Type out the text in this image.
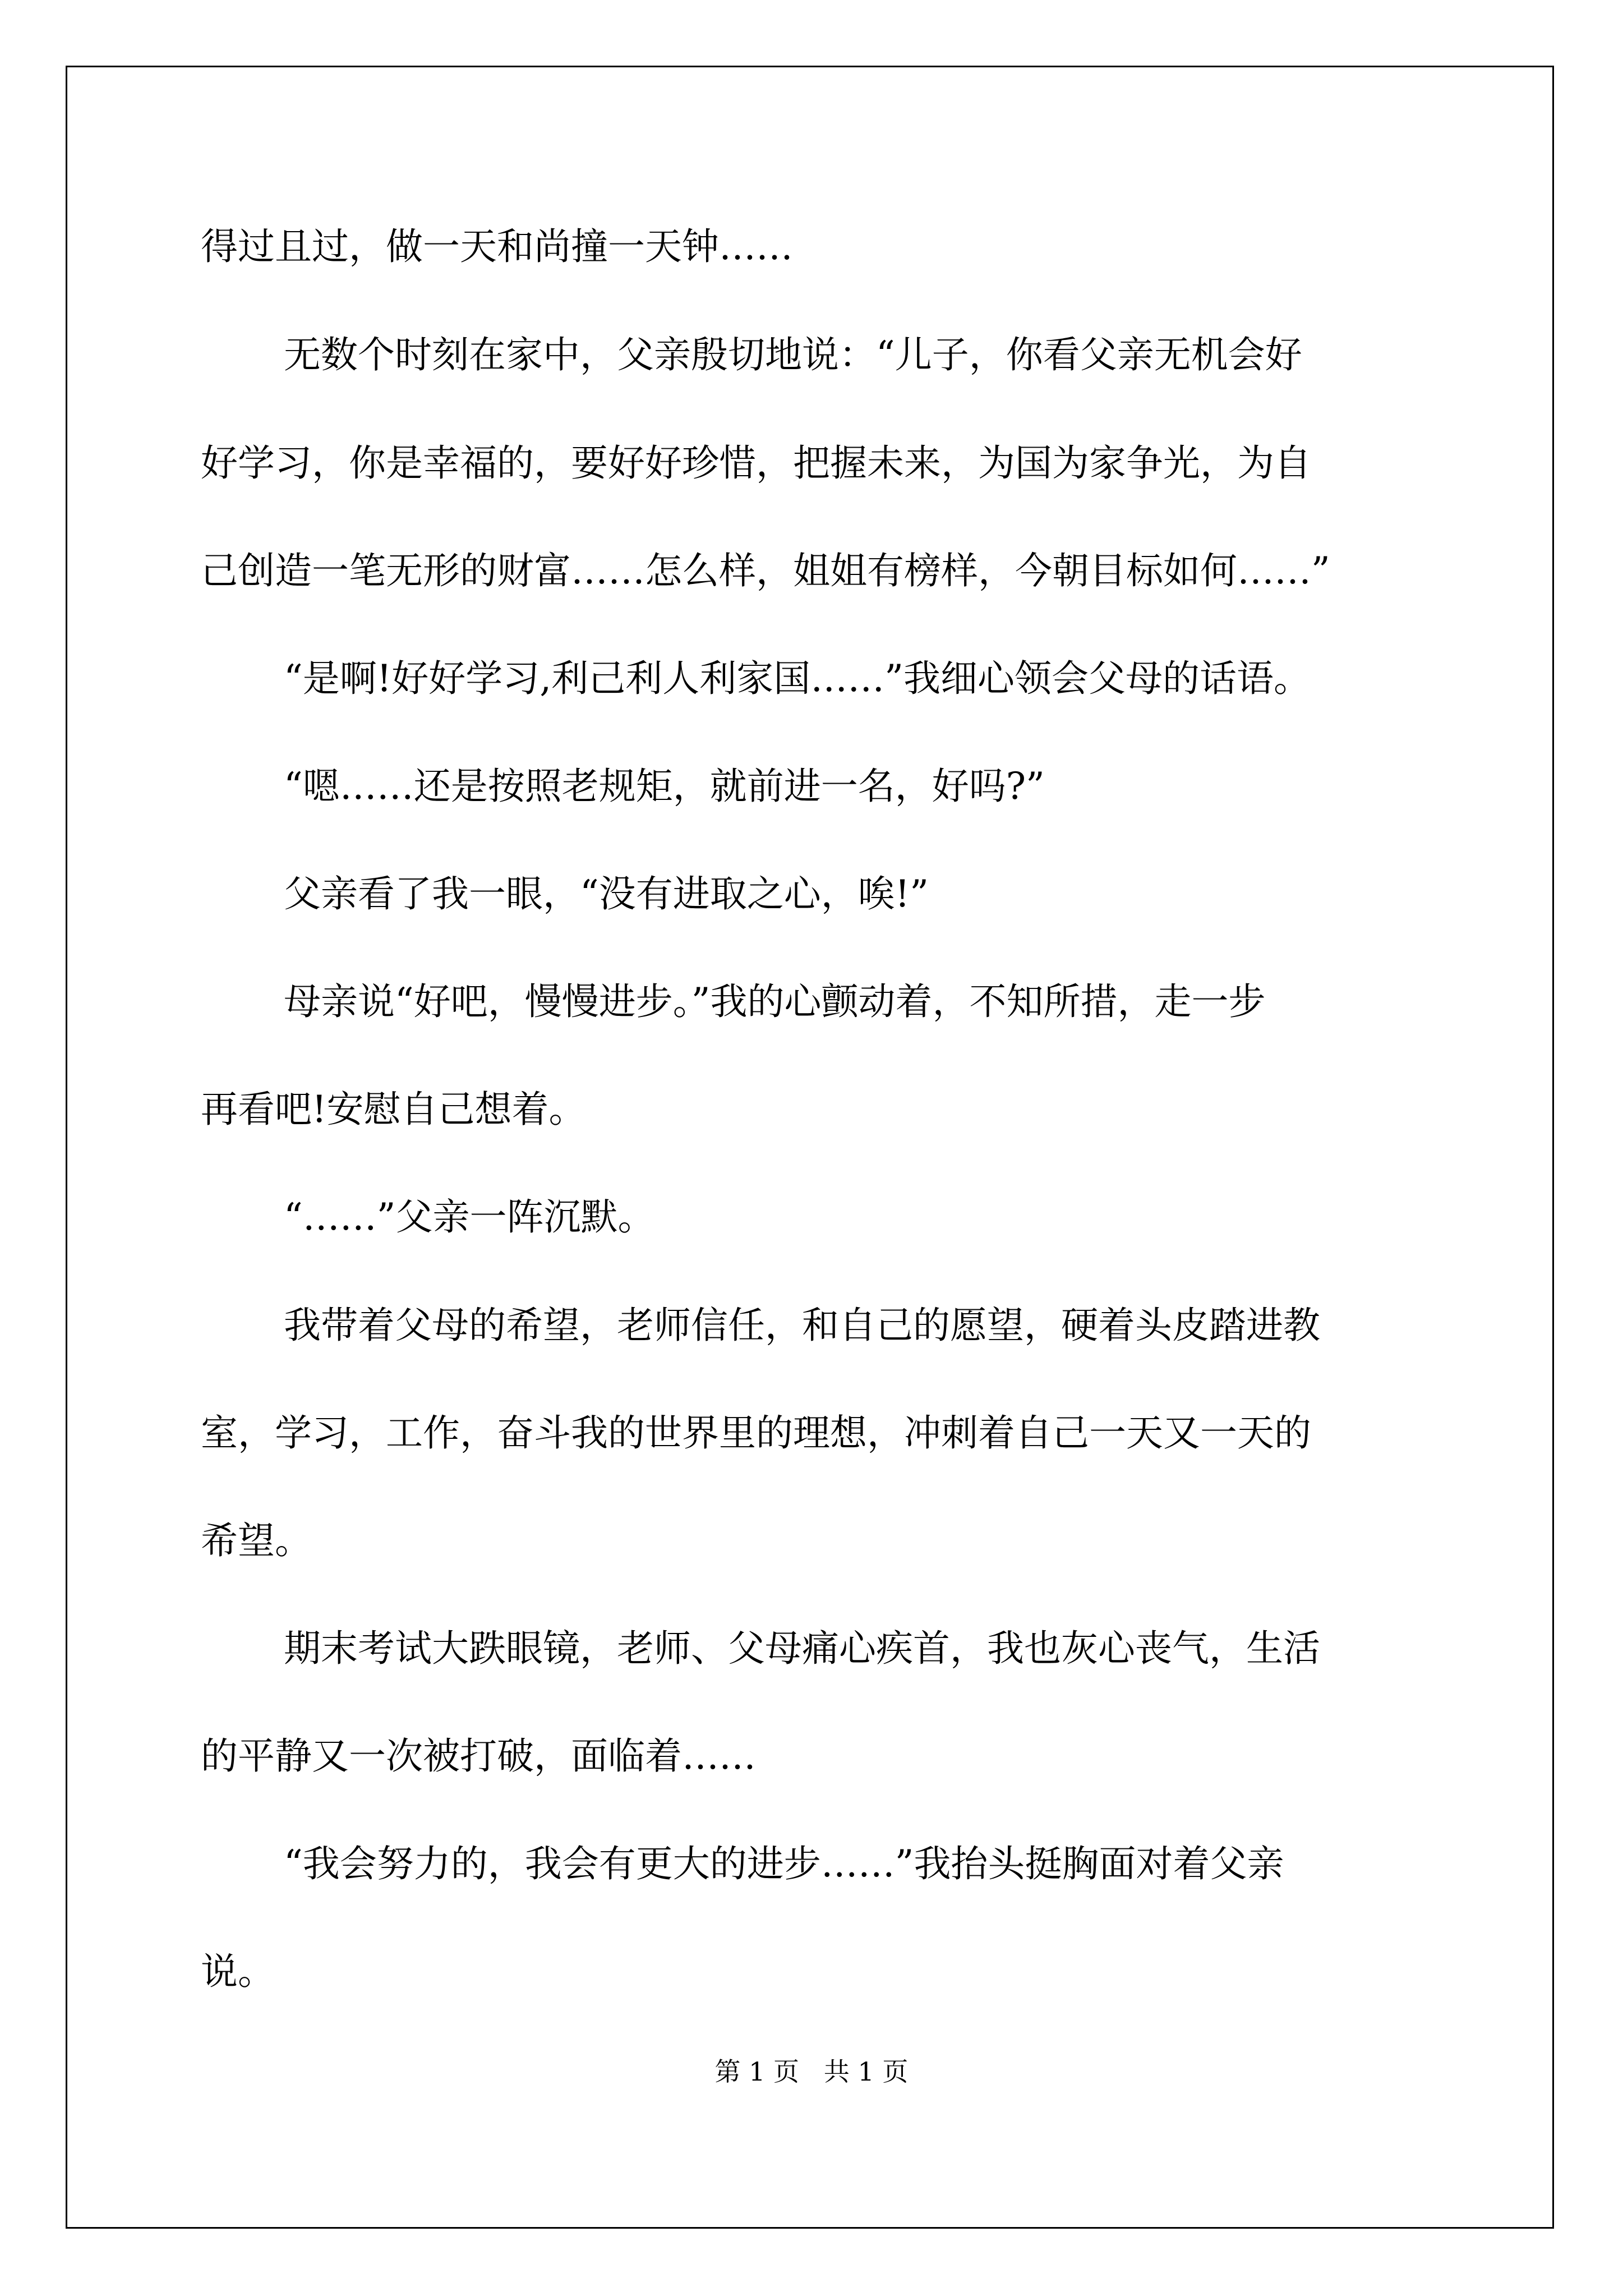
得过且过，做一天和尚撞一天钟……
无数个时刻在家中，父亲殷切地说：“儿子，你看父亲无机会好
好学习，你是幸福的，要好好珍惜，把握未来，为国为家争光，为自
己创造一笔无形的财富……怎么样，姐姐有榜样，今朝目标如何……”
“是啊!好好学习,利己利人利家国……”我细心领会父母的话语。
“嗯……还是按照老规矩，就前进一名，好吗?”
父亲看了我一眼，“没有进取之心，唉!”
母亲说“好吧，慢慢进步。”我的心颤动着，不知所措，走一步
再看吧!安慰自己想着。
“……”父亲一阵沉默。
我带着父母的希望，老师信任，和自己的愿望，硬着头皮踏进教
室，学习，工作，奋斗我的世界里的理想，冲刺着自己一天又一天的
希望。
期末考试大跌眼镜，老师、父母痛心疾首，我也灰心丧气，生活
的平静又一次被打破，面临着……
“我会努力的，我会有更大的进步……”我抬头挺胸面对着父亲
说。
第 1 页   共 1 页
